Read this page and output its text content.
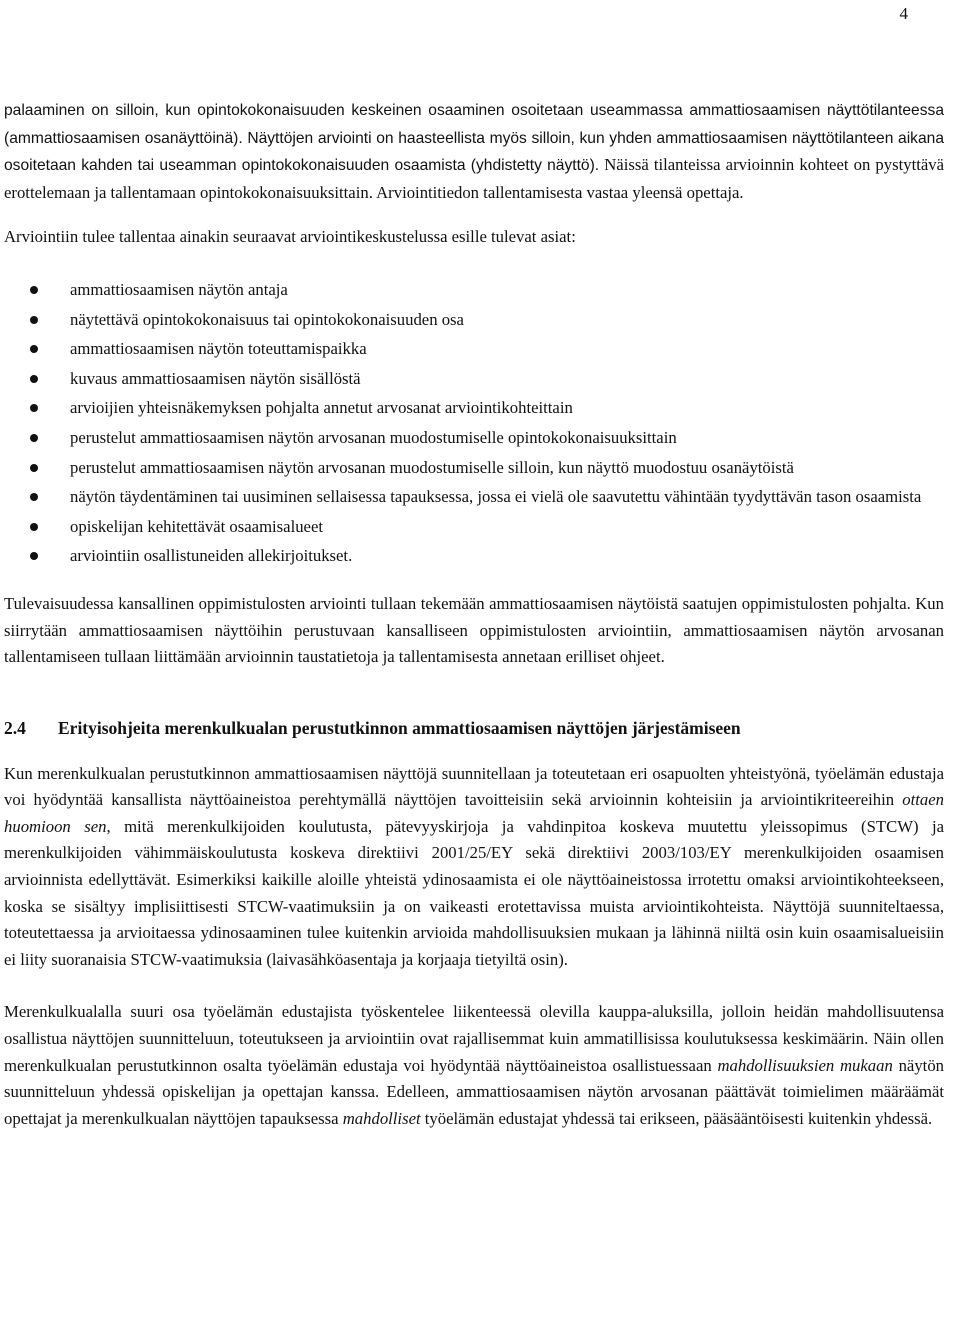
4

palaaminen on silloin, kun opintokokonaisuuden keskeinen osaaminen osoitetaan useammassa ammattiosaamisen näyttötilanteessa (ammattiosaamisen osanäyttöinä). Näyttöjen arviointi on haasteellista myös silloin, kun yhden ammattiosaamisen näyttötilanteen aikana osoitetaan kahden tai useamman opintokokonaisuuden osaamista (yhdistetty näyttö). Näissä tilanteissa arvioinnin kohteet on pystyttävä erottelemaan ja tallentamaan opintokokonaisuuksittain. Arviointitiedon tallentamisesta vastaa yleensä opettaja.

Arviointiin tulee tallentaa ainakin seuraavat arviointikeskustelussa esille tulevat asiat:

ammattiosaamisen näytön antaja
näytettävä opintokokonaisuus tai opintokokonaisuuden osa
ammattiosaamisen näytön toteuttamispaikka
kuvaus ammattiosaamisen näytön sisällöstä
arvioijien yhteisnäkemyksen pohjalta annetut arvosanat arviointikohteittain
perustelut ammattiosaamisen näytön arvosanan muodostumiselle opintokokonaisuuksittain
perustelut ammattiosaamisen näytön arvosanan muodostumiselle silloin, kun näyttö muodostuu osanäytöistä
näytön täydentäminen tai uusiminen sellaisessa tapauksessa, jossa ei vielä ole saavutettu vähintään tyydyttävän tason osaamista
opiskelijan kehitettävät osaamisalueet
arviointiin osallistuneiden allekirjoitukset.

Tulevaisuudessa kansallinen oppimistulosten arviointi tullaan tekemään ammattiosaamisen näytöistä saatujen oppimistulosten pohjalta. Kun siirrytään ammattiosaamisen näyttöihin perustuvaan kansalliseen oppimistulosten arviointiin, ammattiosaamisen näytön arvosanan tallentamiseen tullaan liittämään arvioinnin taustatietoja ja tallentamisesta annetaan erilliset ohjeet.

2.4	Erityisohjeita merenkulkualan perustutkinnon ammattiosaamisen näyttöjen järjestämiseen

Kun merenkulkualan perustutkinnon ammattiosaamisen näyttöjä suunnitellaan ja toteutetaan eri osapuolten yhteistyönä, työelämän edustaja voi hyödyntää kansallista näyttöaineistoa perehtymällä näyttöjen tavoitteisiin sekä arvioinnin kohteisiin ja arviointikriteereihin ottaen huomioon sen, mitä merenkulkijoiden koulutusta, pätevyyskirjoja ja vahdinpitoa koskeva muutettu yleissopimus (STCW) ja merenkulkijoiden vähimmäiskoulutusta koskeva direktiivi 2001/25/EY sekä direktiivi 2003/103/EY merenkulkijoiden osaamisen arvioinnista edellyttävät. Esimerkiksi kaikille aloille yhteistä ydinosaamista ei ole näyttöaineistossa irrotettu omaksi arviointikohteekseen, koska se sisältyy implisiittisesti STCW-vaatimuksiin ja on vaikeasti erotettavissa muista arviointikohteista. Näyttöjä suunniteltaessa, toteutettaessa ja arvioitaessa ydinosaaminen tulee kuitenkin arvioida mahdollisuuksien mukaan ja lähinnä niiltä osin kuin osaamisalueisiin ei liity suoranaisia STCW-vaatimuksia (laivasähköasentaja ja korjaaja tietyiltä osin).

Merenkulkualalla suuri osa työelämän edustajista työskentelee liikenteessä olevilla kauppa-aluksilla, jolloin heidän mahdollisuutensa osallistua näyttöjen suunnitteluun, toteutukseen ja arviointiin ovat rajallisemmat kuin ammatillisissa koulutuksessa keskimäärin. Näin ollen merenkulkualan perustutkinnon osalta työelämän edustaja voi hyödyntää näyttöaineistoa osallistuessaan mahdollisuuksien mukaan näytön suunnitteluun yhdessä opiskelijan ja opettajan kanssa. Edelleen, ammattiosaamisen näytön arvosanan päättävät toimielimen määräämät opettajat ja merenkulkualan näyttöjen tapauksessa mahdolliset työelämän edustajat yhdessä tai erikseen, pääsääntöisesti kuitenkin yhdessä.
